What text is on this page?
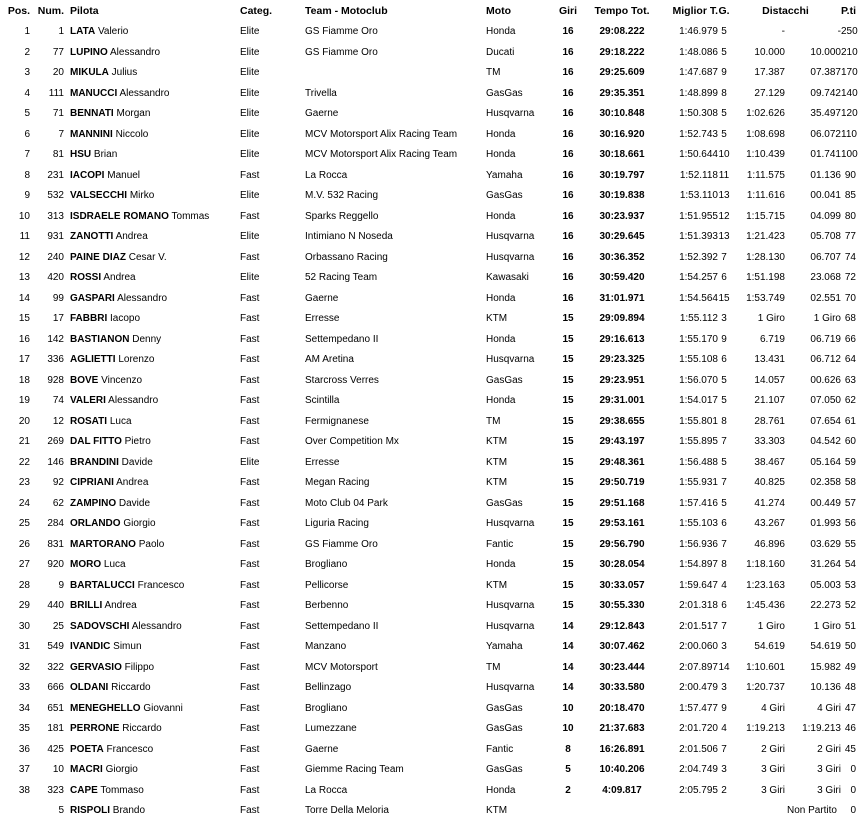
Pos.	Num.	Pilota	Categ.	Team - Motoclub	Moto	Giri	Tempo Tot.	Miglior T.	G.	Distacchi		P.ti
1	1	LATA Valerio	Elite	GS Fiamme Oro	Honda	16	29:08.222	1:46.979	5	-	-	250
2	77	LUPINO Alessandro	Elite	GS Fiamme Oro	Ducati	16	29:18.222	1:48.086	5	10.000	10.000	210
3	20	MIKULA Julius	Elite		TM	16	29:25.609	1:47.687	9	17.387	07.387	170
4	111	MANUCCI Alessandro	Elite	Trivella	GasGas	16	29:35.351	1:48.899	8	27.129	09.742	140
5	71	BENNATI Morgan	Elite	Gaerne	Husqvarna	16	30:10.848	1:50.308	5	1:02.626	35.497	120
6	7	MANNINI Niccolo	Elite	MCV Motorsport Alix Racing Team	Honda	16	30:16.920	1:52.743	5	1:08.698	06.072	110
7	81	HSU Brian	Elite	MCV Motorsport Alix Racing Team	Honda	16	30:18.661	1:50.644	10	1:10.439	01.741	100
8	231	IACOPI Manuel	Fast	La Rocca	Yamaha	16	30:19.797	1:52.118	11	1:11.575	01.136	90
9	532	VALSECCHI Mirko	Elite	M.V. 532 Racing	GasGas	16	30:19.838	1:53.110	13	1:11.616	00.041	85
10	313	ISDRAELE ROMANO Tommas	Fast	Sparks Reggello	Honda	16	30:23.937	1:51.955	12	1:15.715	04.099	80
11	931	ZANOTTI Andrea	Elite	Intimiano N Noseda	Husqvarna	16	30:29.645	1:51.393	13	1:21.423	05.708	77
12	240	PAINE DIAZ Cesar V.	Fast	Orbassano Racing	Husqvarna	16	30:36.352	1:52.392	7	1:28.130	06.707	74
13	420	ROSSI Andrea	Elite	52 Racing Team	Kawasaki	16	30:59.420	1:54.257	6	1:51.198	23.068	72
14	99	GASPARI Alessandro	Fast	Gaerne	Honda	16	31:01.971	1:54.564	15	1:53.749	02.551	70
15	17	FABBRI Iacopo	Fast	Erresse	KTM	15	29:09.894	1:55.112	3	1 Giro	1 Giro	68
16	142	BASTIANON Denny	Fast	Settempedano II	Honda	15	29:16.613	1:55.170	9	6.719	06.719	66
17	336	AGLIETTI Lorenzo	Fast	AM Aretina	Husqvarna	15	29:23.325	1:55.108	6	13.431	06.712	64
18	928	BOVE Vincenzo	Fast	Starcross Verres	GasGas	15	29:23.951	1:56.070	5	14.057	00.626	63
19	74	VALERI Alessandro	Fast	Scintilla	Honda	15	29:31.001	1:54.017	5	21.107	07.050	62
20	12	ROSATI Luca	Fast	Fermignanese	TM	15	29:38.655	1:55.801	8	28.761	07.654	61
21	269	DAL FITTO Pietro	Fast	Over Competition Mx	KTM	15	29:43.197	1:55.895	7	33.303	04.542	60
22	146	BRANDINI Davide	Elite	Erresse	KTM	15	29:48.361	1:56.488	5	38.467	05.164	59
23	92	CIPRIANI Andrea	Fast	Megan Racing	KTM	15	29:50.719	1:55.931	7	40.825	02.358	58
24	62	ZAMPINO Davide	Fast	Moto Club 04 Park	GasGas	15	29:51.168	1:57.416	5	41.274	00.449	57
25	284	ORLANDO Giorgio	Fast	Liguria Racing	Husqvarna	15	29:53.161	1:55.103	6	43.267	01.993	56
26	831	MARTORANO Paolo	Fast	GS Fiamme Oro	Fantic	15	29:56.790	1:56.936	7	46.896	03.629	55
27	920	MORO Luca	Fast	Brogliano	Honda	15	30:28.054	1:54.897	8	1:18.160	31.264	54
28	9	BARTALUCCI Francesco	Fast	Pellicorse	KTM	15	30:33.057	1:59.647	4	1:23.163	05.003	53
29	440	BRILLI Andrea	Fast	Berbenno	Husqvarna	15	30:55.330	2:01.318	6	1:45.436	22.273	52
30	25	SADOVSCHI Alessandro	Fast	Settempedano II	Husqvarna	14	29:12.843	2:01.517	7	1 Giro	1 Giro	51
31	549	IVANDIC Simun	Fast	Manzano	Yamaha	14	30:07.462	2:00.060	3	54.619	54.619	50
32	322	GERVASIO Filippo	Fast	MCV Motorsport	TM	14	30:23.444	2:07.897	14	1:10.601	15.982	49
33	666	OLDANI Riccardo	Fast	Bellinzago	Husqvarna	14	30:33.580	2:00.479	3	1:20.737	10.136	48
34	651	MENEGHELLO Giovanni	Fast	Brogliano	GasGas	10	20:18.470	1:57.477	9	4 Giri	4 Giri	47
35	181	PERRONE Riccardo	Fast	Lumezzane	GasGas	10	21:37.683	2:01.720	4	1:19.213	1:19.213	46
36	425	POETA Francesco	Fast	Gaerne	Fantic	8	16:26.891	2:01.506	7	2 Giri	2 Giri	45
37	10	MACRI Giorgio	Fast	Giemme Racing Team	GasGas	5	10:40.206	2:04.749	3	3 Giri	3 Giri	0
38	323	CAPE Tommaso	Fast	La Rocca	Honda	2	4:09.817	2:05.795	2	3 Giri	3 Giri	0
	5	RISPOLI Brando	Fast	Torre Della Meloria	KTM				Non Partito			0
